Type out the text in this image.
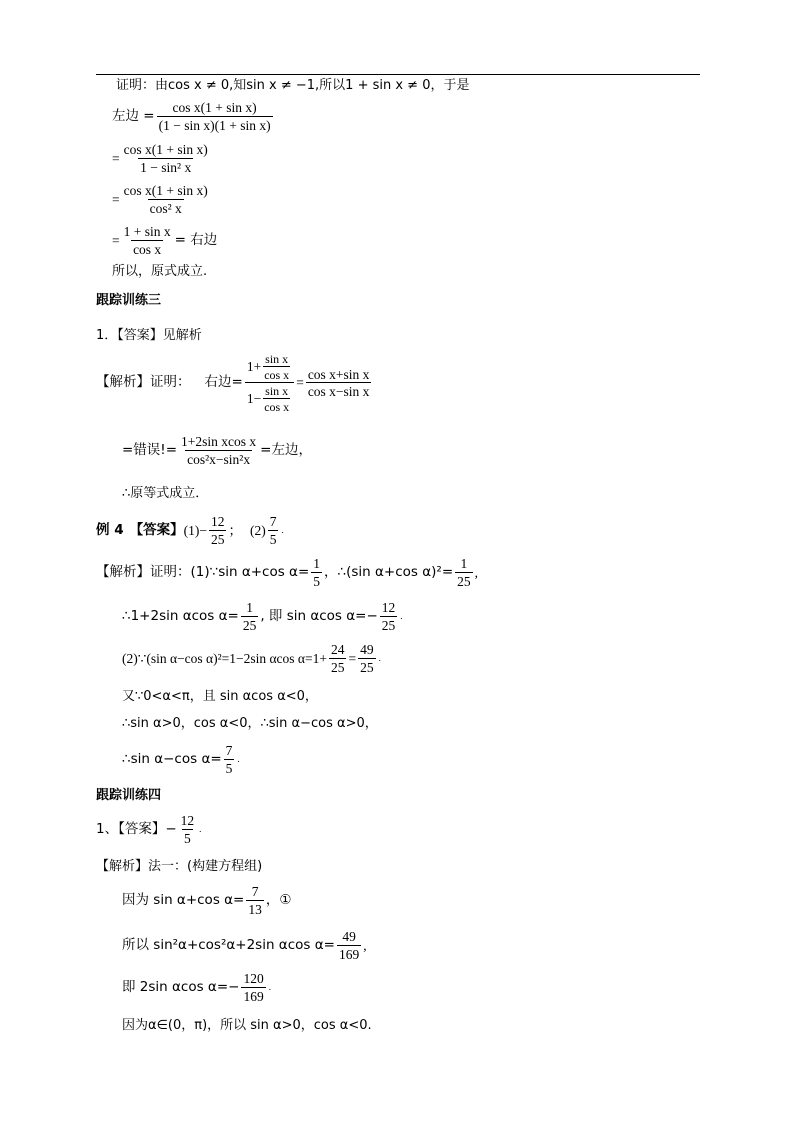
证明：由cos x ≠ 0,知sin x ≠ −1,所以1 + sin x ≠ 0，于是
左边 = $\frac{\text{cos x(1 + sin x)}}{\text{(1 − sin x)(1 + sin x)}}$
= $\frac{\text{cos x(1 + sin x)}}{\text{1 − sin² x}}$
= $\frac{\text{cos x(1 + sin x)}}{\text{cos² x}}$
= $\frac{\text{1 + sin x}}{\text{cos x}}$ = 右边
所以，原式成立.
跟踪训练三
1．【答案】见解析
【解析】证明： 右边= $\frac{1+ \frac{\text{sin x}}{\text{cos x}}}{1- \frac{\text{sin x}}{\text{cos x}}} = \frac{\text{cos x+sin x}}{\text{cos x−sin x}}$
=错误!= $\frac{\text{1+2sin xcos x}}{\text{cos²x−sin²x}}$ =左边，
∴原等式成立．
例 4 【答案】 $(1)- \frac{12}{25}$ ； $(2) \frac{7}{5}$ .
【解析】证明：(1)∵sin α+cos $\alpha= \frac{1}{5}$ ，∴(sin α+cos $\alpha)^2= \frac{1}{25}$ ,
∴1+2sin αcos $\alpha= \frac{1}{25}$ , 即 sin αcos $\alpha=- \frac{12}{25}$ .
(2)∵(sin α−cos α)²=1−2sin αcos $\alpha=1+ \frac{24}{25} = \frac{49}{25}$ .
又∵0<α<π，且 sin αcos α<0，
∴sin α>0，cos α<0，∴sin α−cos α>0，
∴sin α−cos $\alpha= \frac{7}{5}$ .
跟踪训练四
1、【答案】− $\frac{12}{5}$ .
【解析】法一：(构建方程组)
因为 sin α+cos $\alpha= \frac{7}{13}$ ，①
所以 sin²α+cos²α+2sin αcos $\alpha= \frac{49}{169}$ ,
即 2sin αcos $\alpha=- \frac{120}{169}$ .
因为α∈(0，π)，所以 sin α>0，cos α<0.
